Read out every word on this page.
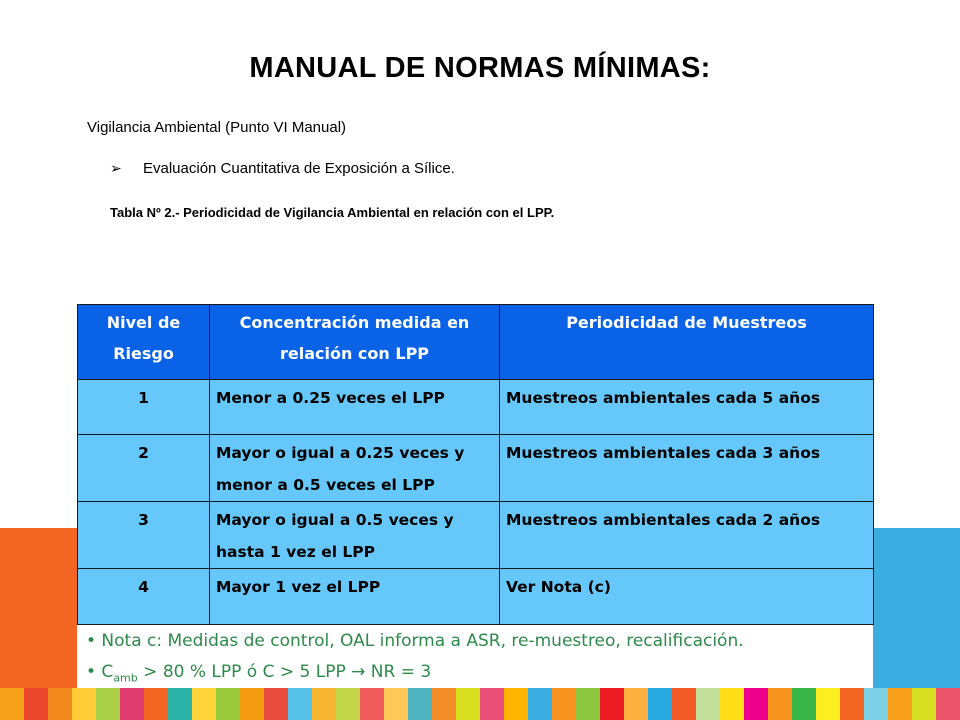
MANUAL DE NORMAS MÍNIMAS:
Vigilancia Ambiental (Punto VI Manual)
➢	Evaluación Cuantitativa de Exposición a Sílice.
Tabla Nº 2.- Periodicidad de Vigilancia Ambiental en relación con el LPP.
Nivel de Riesgo	Concentración medida en relación con LPP	Periodicidad de Muestreos
1	Menor a 0.25 veces el LPP	Muestreos ambientales cada 5 años
2	Mayor o igual a 0.25 veces y menor a 0.5 veces el LPP	Muestreos ambientales cada 3 años
3	Mayor o igual a 0.5 veces y hasta 1 vez el LPP	Muestreos ambientales cada 2 años
4	Mayor 1 vez el LPP	Ver Nota (c)
• Nota c: Medidas de control, OAL informa a ASR, re-muestreo, recalificación.
• $C_{amb} > 80$ % LPP ó C > 5 LPP → NR = 3
